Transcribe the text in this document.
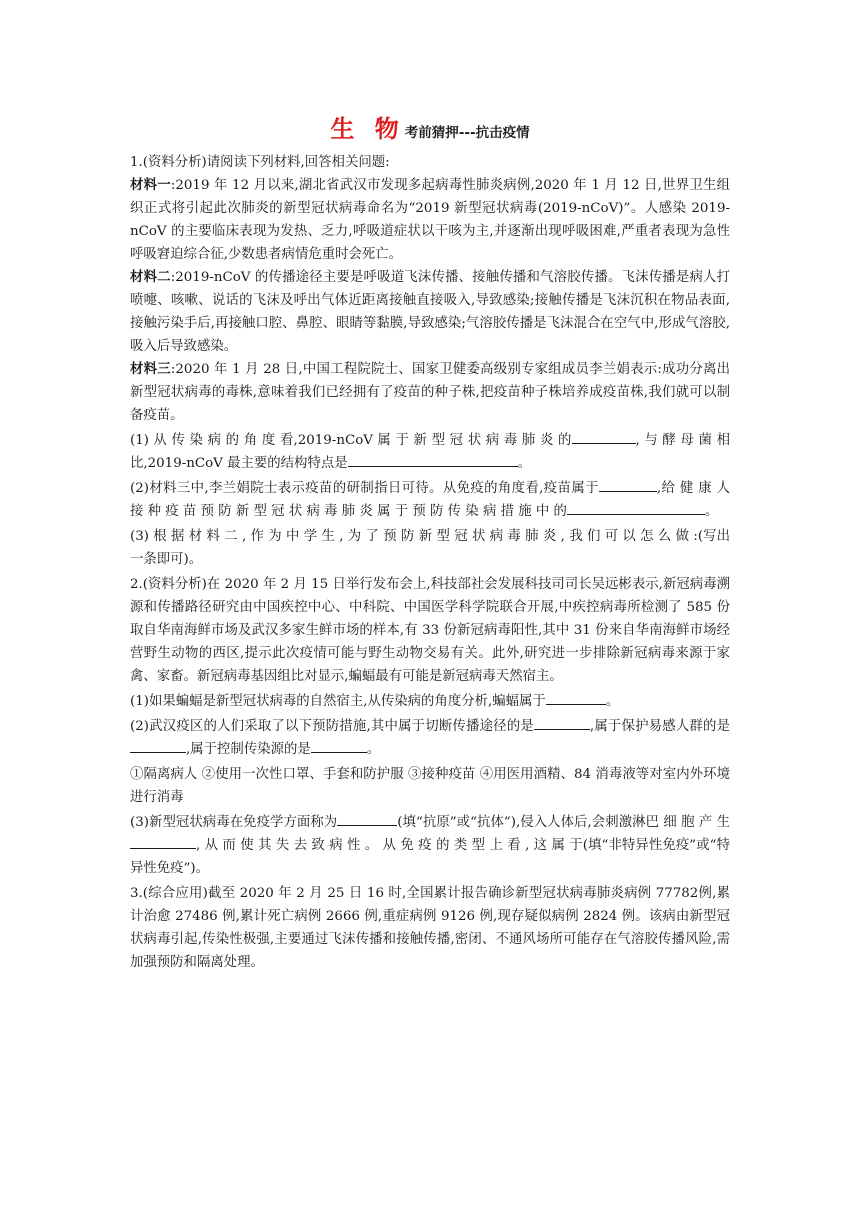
生 物考前猜押---抗击疫情

1.(资料分析)请阅读下列材料,回答相关问题:

材料一:2019 年 12 月以来,湖北省武汉市发现多起病毒性肺炎病例,2020 年 1 月 12 日,世界卫生组织正式将引起此次肺炎的新型冠状病毒命名为“2019 新型冠状病毒(2019-nCoV)”。人感染 2019-nCoV 的主要临床表现为发热、乏力,呼吸道症状以干咳为主,并逐渐出现呼吸困难,严重者表现为急性呼吸窘迫综合征,少数患者病情危重时会死亡。

材料二:2019-nCoV 的传播途径主要是呼吸道飞沫传播、接触传播和气溶胶传播。飞沫传播是病人打喷嚏、咳嗽、说话的飞沫及呼出气体近距离接触直接吸入,导致感染;接触传播是飞沫沉积在物品表面,接触污染手后,再接触口腔、鼻腔、眼睛等黏膜,导致感染;气溶胶传播是飞沫混合在空气中,形成气溶胶,吸入后导致感染。

材料三:2020 年 1 月 28 日,中国工程院院士、国家卫健委高级别专家组成员李兰娟表示:成功分离出新型冠状病毒的毒株,意味着我们已经拥有了疫苗的种子株,把疫苗种子株培养成疫苗株,我们就可以制备疫苗。

(1) 从 传 染 病 的 角 度 看,2019-nCoV 属 于 新 型 冠 状 病 毒 肺 炎 的	, 与 酵 母 菌 相 比,2019-nCoV 最主要的结构特点是	。

(2)材料三中,李兰娟院士表示疫苗的研制指日可待。从免疫的角度看,疫苗属于	,给 健 康 人 接 种 疫 苗 预 防 新 型 冠 状 病 毒 肺 炎 属 于 预 防 传 染 病 措 施 中 的	。

(3) 根 据 材 料 二 , 作 为 中 学 生 , 为 了 预 防 新 型 冠 状 病 毒 肺 炎 , 我 们 可 以 怎 么 做 :(写出一条即可)。

2.(资料分析)在 2020 年 2 月 15 日举行发布会上,科技部社会发展科技司司长吴远彬表示,新冠病毒溯源和传播路径研究由中国疾控中心、中科院、中国医学科学院联合开展,中疾控病毒所检测了 585 份取自华南海鲜市场及武汉多家生鲜市场的样本,有 33 份新冠病毒阳性,其中 31 份来自华南海鲜市场经营野生动物的西区,提示此次疫情可能与野生动物交易有关。此外,研究进一步排除新冠病毒来源于家禽、家畜。新冠病毒基因组比对显示,蝙蝠最有可能是新冠病毒天然宿主。

(1)如果蝙蝠是新型冠状病毒的自然宿主,从传染病的角度分析,蝙蝠属于	。

(2)武汉疫区的人们采取了以下预防措施,其中属于切断传播途径的是	,属于保护易感人群的是,属于控制传染源的是	。

①隔离病人 ②使用一次性口罩、手套和防护服 ③接种疫苗 ④用医用酒精、84 消毒液等对室内外环境进行消毒

(3)新型冠状病毒在免疫学方面称为	(填“抗原”或“抗体”),侵入人体后,会刺激淋巴 细 胞 产 生, 从 而 使 其 失 去 致 病 性 。 从 免 疫 的 类 型 上 看 , 这 属 于(填“非特异性免疫”或“特异性免疫”)。

3.(综合应用)截至 2020 年 2 月 25 日 16 时,全国累计报告确诊新型冠状病毒肺炎病例 77782例,累计治愈 27486 例,累计死亡病例 2666 例,重症病例 9126 例,现存疑似病例 2824 例。该病由新型冠状病毒引起,传染性极强,主要通过飞沫传播和接触传播,密闭、不通风场所可能存在气溶胶传播风险,需加强预防和隔离处理。
